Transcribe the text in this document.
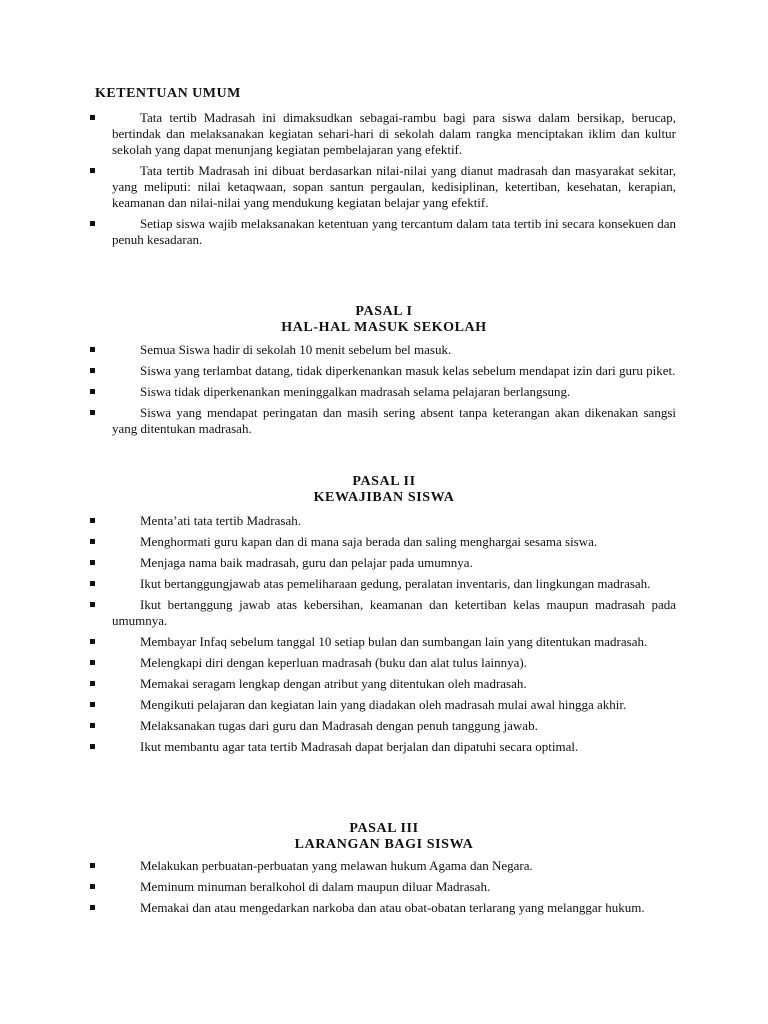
KETENTUAN UMUM
Tata tertib Madrasah ini dimaksudkan sebagai-rambu bagi para siswa dalam bersikap, berucap, bertindak dan melaksanakan kegiatan sehari-hari di sekolah dalam rangka menciptakan iklim dan kultur sekolah yang dapat menunjang kegiatan pembelajaran yang efektif.
Tata tertib Madrasah ini dibuat berdasarkan nilai-nilai yang dianut madrasah dan masyarakat sekitar, yang meliputi: nilai ketaqwaan, sopan santun pergaulan, kedisiplinan, ketertiban, kesehatan, kerapian, keamanan dan nilai-nilai yang mendukung kegiatan belajar yang efektif.
Setiap siswa wajib melaksanakan ketentuan yang tercantum dalam tata tertib ini secara konsekuen dan penuh kesadaran.
PASAL I
HAL-HAL MASUK SEKOLAH
Semua Siswa hadir di sekolah 10 menit sebelum bel masuk.
Siswa yang terlambat datang, tidak diperkenankan masuk kelas sebelum mendapat izin dari guru piket.
Siswa tidak diperkenankan meninggalkan madrasah selama pelajaran berlangsung.
Siswa yang mendapat peringatan dan masih sering absent tanpa keterangan akan dikenakan sangsi yang ditentukan madrasah.
PASAL II
KEWAJIBAN SISWA
Menta’ati tata tertib Madrasah.
Menghormati guru kapan dan di mana saja berada dan saling menghargai sesama siswa.
Menjaga nama baik madrasah, guru dan pelajar pada umumnya.
Ikut bertanggungjawab atas pemeliharaan gedung, peralatan inventaris, dan lingkungan madrasah.
Ikut bertanggung jawab atas kebersihan, keamanan dan ketertiban kelas maupun madrasah pada umumnya.
Membayar Infaq sebelum tanggal 10 setiap bulan dan sumbangan lain yang ditentukan madrasah.
Melengkapi diri dengan keperluan madrasah (buku dan alat tulus lainnya).
Memakai seragam lengkap dengan atribut yang ditentukan oleh madrasah.
Mengikuti pelajaran dan kegiatan lain yang diadakan oleh madrasah mulai awal hingga akhir.
Melaksanakan tugas dari guru dan Madrasah dengan penuh tanggung jawab.
Ikut membantu agar tata tertib Madrasah dapat berjalan dan dipatuhi secara optimal.
PASAL III
LARANGAN BAGI SISWA
Melakukan perbuatan-perbuatan yang melawan hukum Agama dan Negara.
Meminum minuman beralkohol di dalam maupun diluar Madrasah.
Memakai dan atau mengedarkan narkoba dan atau obat-obatan terlarang yang melanggar hukum.
